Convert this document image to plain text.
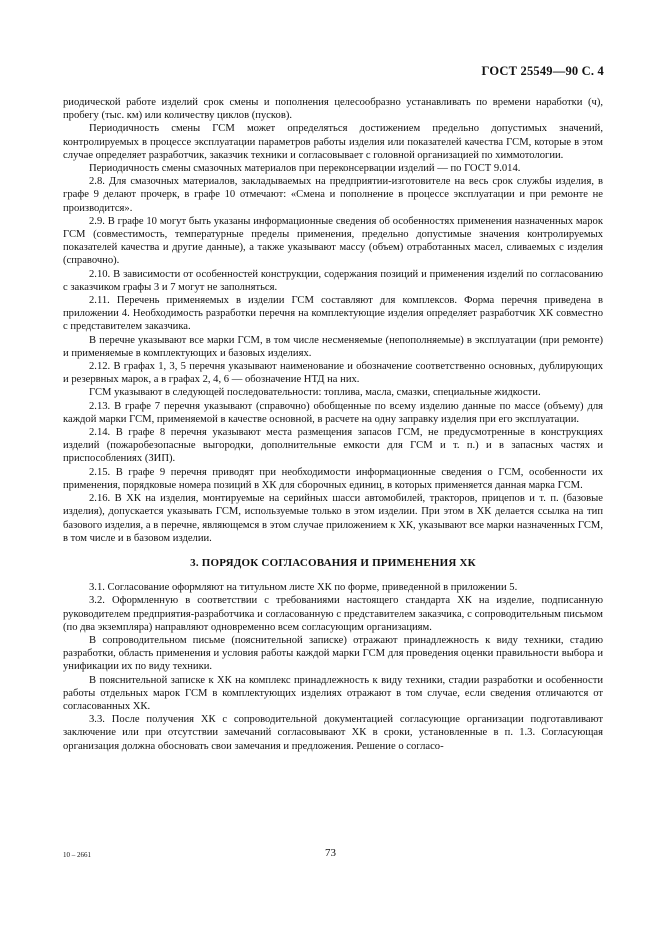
ГОСТ 25549—90 С. 4

риодической работе изделий срок смены и пополнения целесообразно устанавливать по времени наработки (ч), пробегу (тыс. км) или количеству циклов (пусков).

Периодичность смены ГСМ может определяться достижением предельно допустимых значений, контролируемых в процессе эксплуатации параметров работы изделия или показателей качества ГСМ, которые в этом случае определяет разработчик, заказчик техники и согласовывает с головной организацией по химмотологии.

Периодичность смены смазочных материалов при переконсервации изделий — по ГОСТ 9.014.

2.8. Для смазочных материалов, закладываемых на предприятии-изготовителе на весь срок службы изделия, в графе 9 делают прочерк, в графе 10 отмечают: «Смена и пополнение в процессе эксплуатации и при ремонте не производится».

2.9. В графе 10 могут быть указаны информационные сведения об особенностях применения назначенных марок ГСМ (совместимость, температурные пределы применения, предельно допустимые значения контролируемых показателей качества и другие данные), а также указывают массу (объем) отработанных масел, сливаемых с изделия (справочно).

2.10. В зависимости от особенностей конструкции, содержания позиций и применения изделий по согласованию с заказчиком графы 3 и 7 могут не заполняться.

2.11. Перечень применяемых в изделии ГСМ составляют для комплексов. Форма перечня приведена в приложении 4. Необходимость разработки перечня на комплектующие изделия определяет разработчик ХК совместно с представителем заказчика.

В перечне указывают все марки ГСМ, в том числе несменяемые (непополняемые) в эксплуатации (при ремонте) и применяемые в комплектующих и базовых изделиях.

2.12. В графах 1, 3, 5 перечня указывают наименование и обозначение соответственно основных, дублирующих и резервных марок, а в графах 2, 4, 6 — обозначение НТД на них.

ГСМ указывают в следующей последовательности: топлива, масла, смазки, специальные жидкости.

2.13. В графе 7 перечня указывают (справочно) обобщенные по всему изделию данные по массе (объему) для каждой марки ГСМ, применяемой в качестве основной, в расчете на одну заправку изделия при его эксплуатации.

2.14. В графе 8 перечня указывают места размещения запасов ГСМ, не предусмотренные в конструкциях изделий (пожаробезопасные выгородки, дополнительные емкости для ГСМ и т. п.) и в запасных частях и приспособлениях (ЗИП).

2.15. В графе 9 перечня приводят при необходимости информационные сведения о ГСМ, особенности их применения, порядковые номера позиций в ХК для сборочных единиц, в которых применяется данная марка ГСМ.

2.16. В ХК на изделия, монтируемые на серийных шасси автомобилей, тракторов, прицепов и т. п. (базовые изделия), допускается указывать ГСМ, используемые только в этом изделии. При этом в ХК делается ссылка на тип базового изделия, а в перечне, являющемся в этом случае приложением к ХК, указывают все марки назначенных ГСМ, в том числе и в базовом изделии.

3. ПОРЯДОК СОГЛАСОВАНИЯ И ПРИМЕНЕНИЯ ХК

3.1. Согласование оформляют на титульном листе ХК по форме, приведенной в приложении 5.

3.2. Оформленную в соответствии с требованиями настоящего стандарта ХК на изделие, подписанную руководителем предприятия-разработчика и согласованную с представителем заказчика, с сопроводительным письмом (по два экземпляра) направляют одновременно всем согласующим организациям.

В сопроводительном письме (пояснительной записке) отражают принадлежность к виду техники, стадию разработки, область применения и условия работы каждой марки ГСМ для проведения оценки правильности выбора и унификации их по виду техники.

В пояснительной записке к ХК на комплекс принадлежность к виду техники, стадии разработки и особенности работы отдельных марок ГСМ в комплектующих изделиях отражают в том случае, если сведения отличаются от согласованных ХК.

3.3. После получения ХК с сопроводительной документацией согласующие организации подготавливают заключение или при отсутствии замечаний согласовывают ХК в сроки, установленные в п. 1.3. Согласующая организация должна обосновать свои замечания и предложения. Решение о согласо-

10 – 2661	73
